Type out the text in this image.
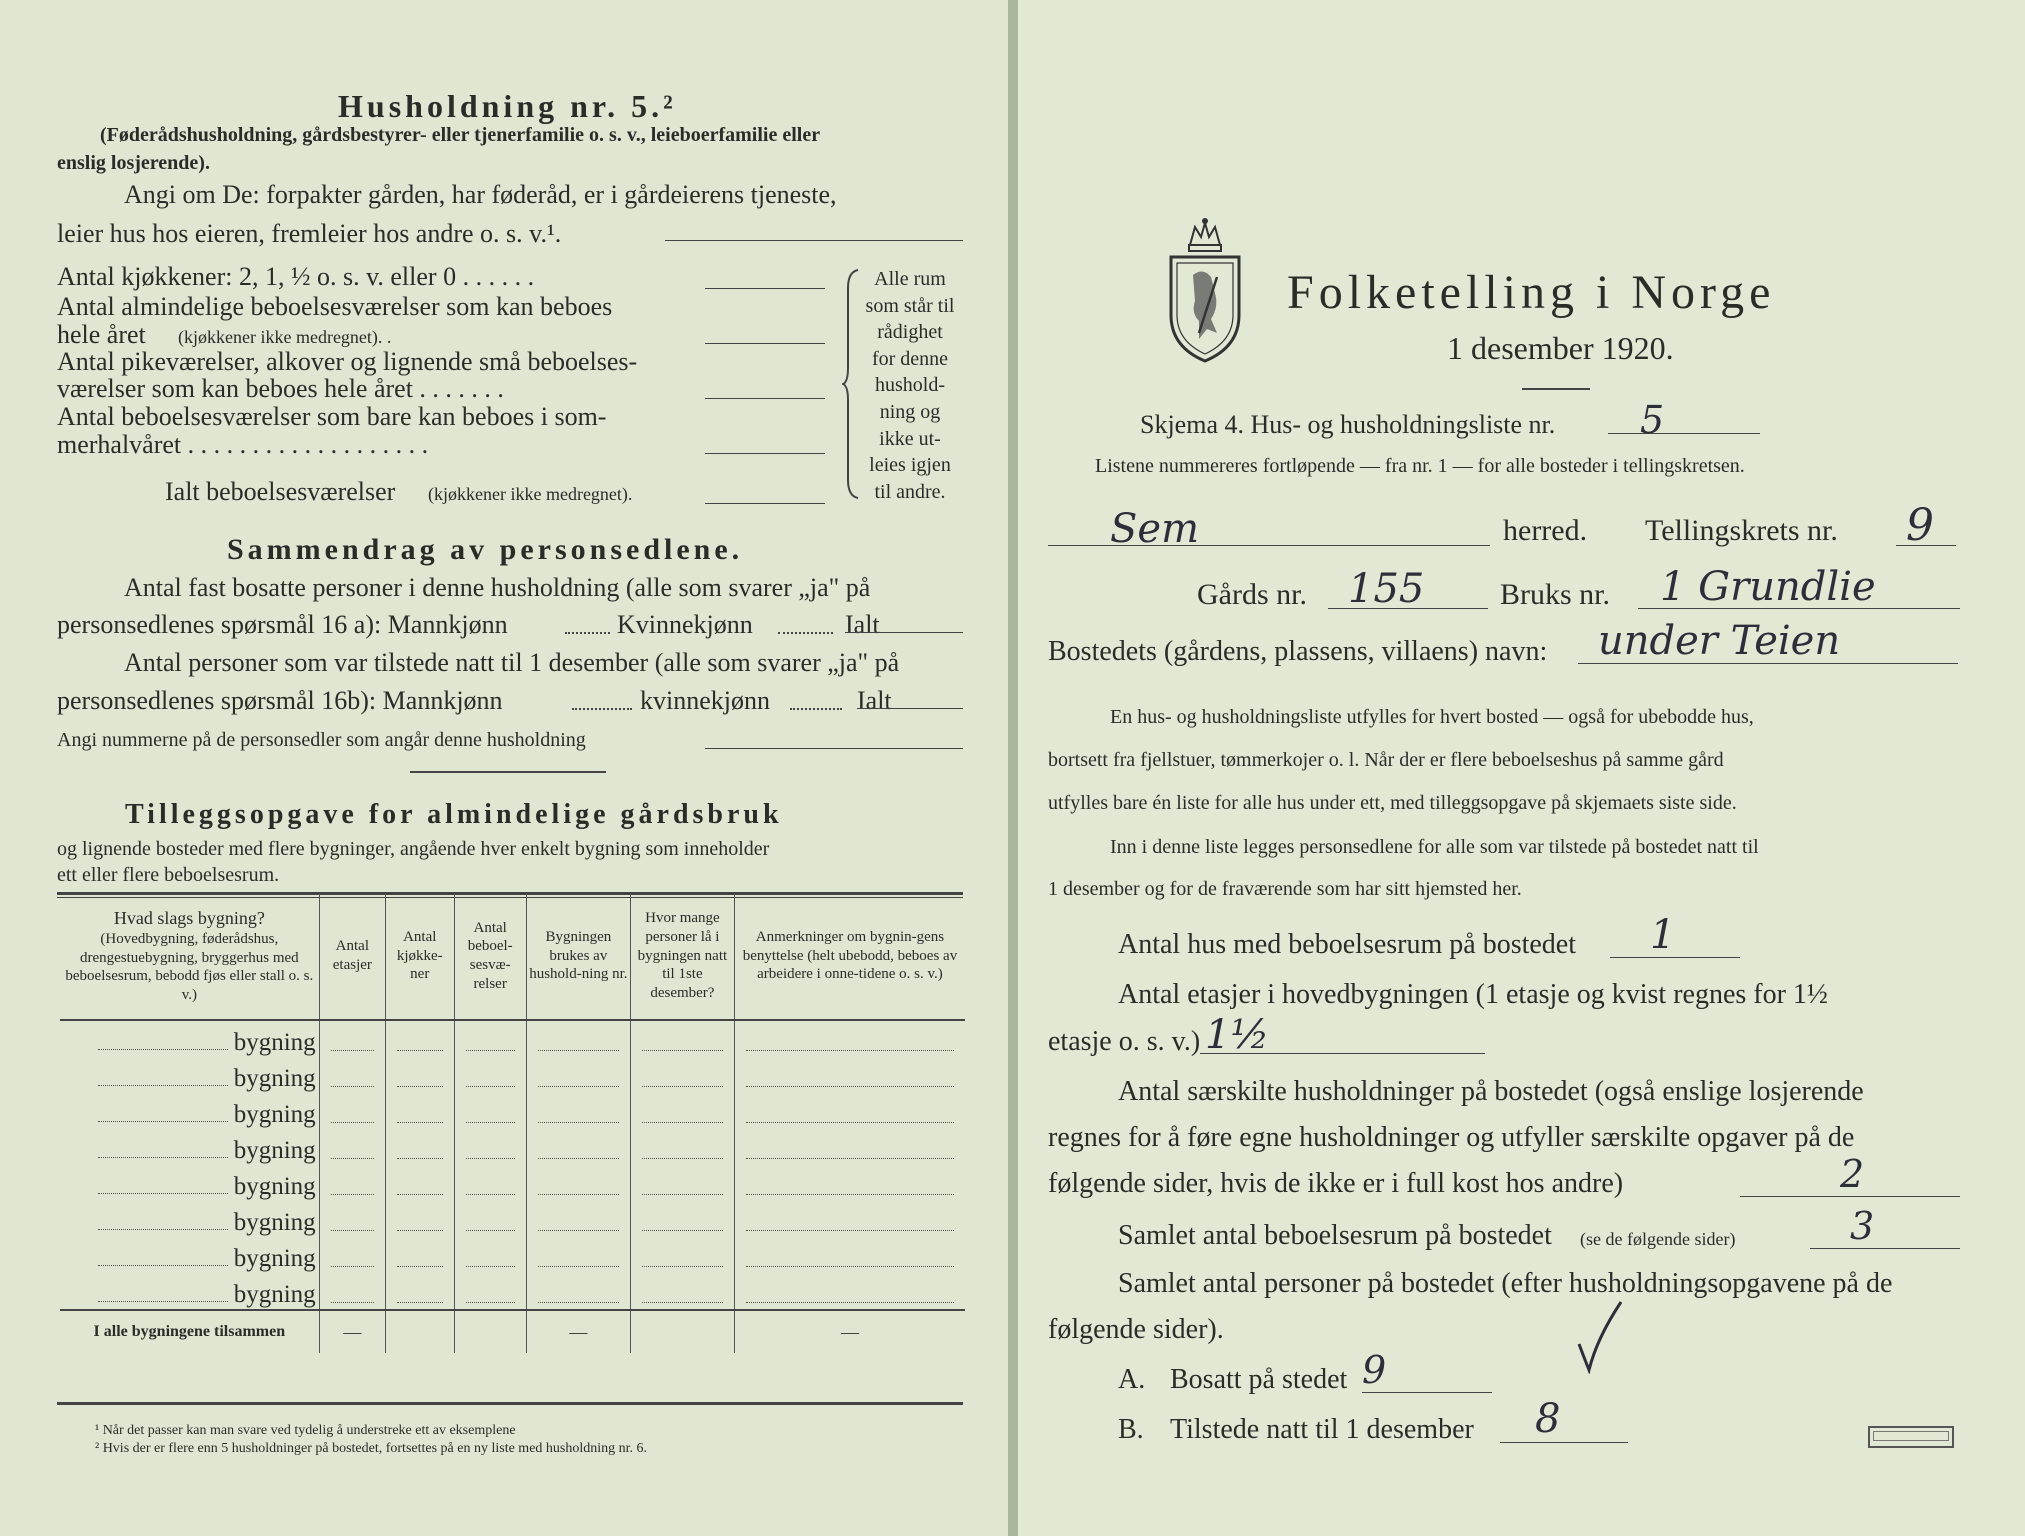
Husholdning nr. 5.²
(Føderådshusholdning, gårdsbestyrer- eller tjenerfamilie o. s. v., leieboerfamilie eller
enslig losjerende).
Angi om De: forpakter gården, har føderåd, er i gårdeierens tjeneste,
leier hus hos eieren, fremleier hos andre o. s. v.¹.
Antal kjøkkener: 2, 1, ½ o. s. v. eller 0 . . . . . .
Antal almindelige beboelsesværelser som kan beboes
hele året (kjøkkener ikke medregnet). .
Antal pikeværelser, alkover og lignende små beboelses-
værelser som kan beboes hele året . . . . . . .
Antal beboelsesværelser som bare kan beboes i som-
merhalvåret . . . . . . . . . . . . . . . . . . .
Ialt beboelsesværelser (kjøkkener ikke medregnet).
Alle rum
som står til
rådighet
for denne
hushold-
ning og
ikke ut-
leies igjen
til andre.
Sammendrag av personsedlene.
Antal fast bosatte personer i denne husholdning (alle som svarer „ja" på
personsedlenes spørsmål 16 a): Mannkjønn	Kvinnekjønn	Ialt
Antal personer som var tilstede natt til 1 desember (alle som svarer „ja" på
personsedlenes spørsmål 16b): Mannkjønn	kvinnekjønn	Ialt
Angi nummerne på de personsedler som angår denne husholdning
Tilleggsopgave for almindelige gårdsbruk
og lignende bosteder med flere bygninger, angående hver enkelt bygning som inneholder
ett eller flere beboelsesrum.
Hvad slags bygning?
(Hovedbygning, føderådshus, drengestuebygning, bryggerhus med beboelsesrum, bebodd fjøs eller stall o. s. v.)	Antal etasjer	Antal kjøkke-ner	Antal beboel-sesvæ-relser	Bygningen brukes av hushold-ning nr.	Hvor mange personer lå i bygningen natt til 1ste desember?	Anmerkninger om bygnin-gens benyttelse (helt ubebodd, beboes av arbeidere i onne-tidene o. s. v.)
bygning	

bygning	

bygning	

bygning	

bygning	

bygning	

bygning	

bygning	

I alle bygningene tilsammen	—			—		—
¹ Når det passer kan man svare ved tydelig å understreke ett av eksemplene
² Hvis der er flere enn 5 husholdninger på bostedet, fortsettes på en ny liste med husholdning nr. 6.
Folketelling i Norge
1 desember 1920.
Skjema 4. Hus- og husholdningsliste nr. 5
Listene nummereres fortløpende — fra nr. 1 — for alle bosteder i tellingskretsen.
Sem	herred. Tellingskrets nr. 9
Gårds nr. 155	Bruks nr. 1 Grundlie
Bostedets (gårdens, plassens, villaens) navn: under Teien
En hus- og husholdningsliste utfylles for hvert bosted — også for ubebodde hus,
bortsett fra fjellstuer, tømmerkojer o. l. Når der er flere beboelseshus på samme gård
utfylles bare én liste for alle hus under ett, med tilleggsopgave på skjemaets siste side.
Inn i denne liste legges personsedlene for alle som var tilstede på bostedet natt til
1 desember og for de fraværende som har sitt hjemsted her.
Antal hus med beboelsesrum på bostedet 1
Antal etasjer i hovedbygningen (1 etasje og kvist regnes for 1½
etasje o. s. v.) 1½
Antal særskilte husholdninger på bostedet (også enslige losjerende
regnes for å føre egne husholdninger og utfyller særskilte opgaver på de
følgende sider, hvis de ikke er i full kost hos andre)	2
Samlet antal beboelsesrum på bostedet (se de følgende sider)	3
Samlet antal personer på bostedet (efter husholdningsopgavene på de
følgende sider).
A. Bosatt på stedet 9
B. Tilstede natt til 1 desember 8
